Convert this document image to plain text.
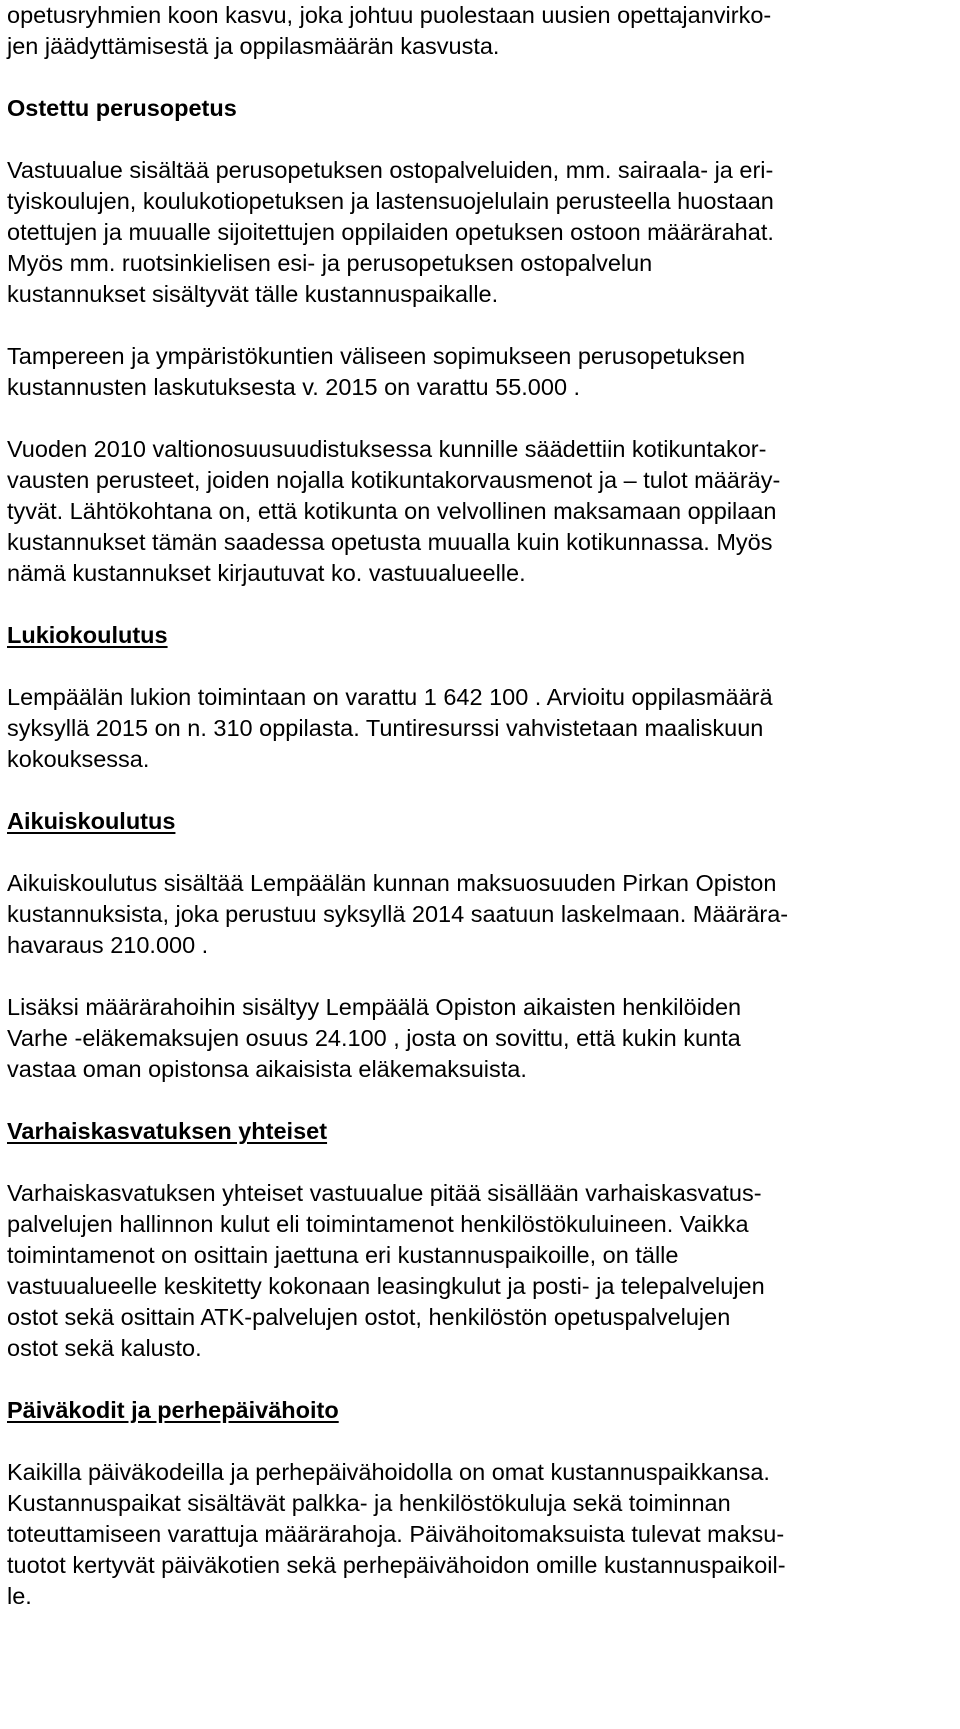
opetusryhmien koon kasvu, joka johtuu puolestaan uusien opettajanvirko-
jen jäädyttämisestä ja oppilasmäärän kasvusta.

Ostettu perusopetus

Vastuualue sisältää perusopetuksen ostopalveluiden, mm. sairaala- ja eri-
tyiskoulujen, koulukotiopetuksen ja lastensuojelulain perusteella huostaan
otettujen ja muualle sijoitettujen oppilaiden opetuksen ostoon määrärahat.
Myös mm. ruotsinkielisen esi- ja perusopetuksen ostopalvelun
kustannukset sisältyvät tälle kustannuspaikalle.

Tampereen ja ympäristökuntien väliseen sopimukseen perusopetuksen
kustannusten laskutuksesta v. 2015 on varattu 55.000 .

Vuoden 2010 valtionosuusuudistuksessa kunnille säädettiin kotikuntakor-
vausten perusteet, joiden nojalla kotikuntakorvausmenot ja – tulot määräy-
tyvät. Lähtökohtana on, että kotikunta on velvollinen maksamaan oppilaan
kustannukset tämän saadessa opetusta muualla kuin kotikunnassa. Myös
nämä kustannukset kirjautuvat ko. vastuualueelle.

Lukiokoulutus

Lempäälän lukion toimintaan on varattu 1 642 100 . Arvioitu oppilasmäärä
syksyllä 2015 on n. 310 oppilasta. Tuntiresurssi vahvistetaan maaliskuun
kokouksessa.

Aikuiskoulutus

Aikuiskoulutus sisältää Lempäälän kunnan maksuosuuden Pirkan Opiston
kustannuksista, joka perustuu syksyllä 2014 saatuun laskelmaan. Määrära-
havaraus 210.000 .

Lisäksi määrärahoihin sisältyy Lempäälä Opiston aikaisten henkilöiden
Varhe -eläkemaksujen osuus 24.100 , josta on sovittu, että kukin kunta
vastaa oman opistonsa aikaisista eläkemaksuista.

Varhaiskasvatuksen yhteiset

Varhaiskasvatuksen yhteiset vastuualue pitää sisällään varhaiskasvatus-
palvelujen hallinnon kulut eli toimintamenot henkilöstökuluineen. Vaikka
toimintamenot on osittain jaettuna eri kustannuspaikoille, on tälle
vastuualueelle keskitetty kokonaan leasingkulut ja posti- ja telepalvelujen
ostot sekä osittain ATK-palvelujen ostot, henkilöstön opetuspalvelujen
ostot sekä kalusto.

Päiväkodit ja perhepäivähoito

Kaikilla päiväkodeilla ja perhepäivähoidolla on omat kustannuspaikkansa.
Kustannuspaikat sisältävät palkka- ja henkilöstökuluja sekä toiminnan
toteuttamiseen varattuja määrärahoja. Päivähoitomaksuista tulevat maksu-
tuotot kertyvät päiväkotien sekä perhepäivähoidon omille kustannuspaikoil-
le.
